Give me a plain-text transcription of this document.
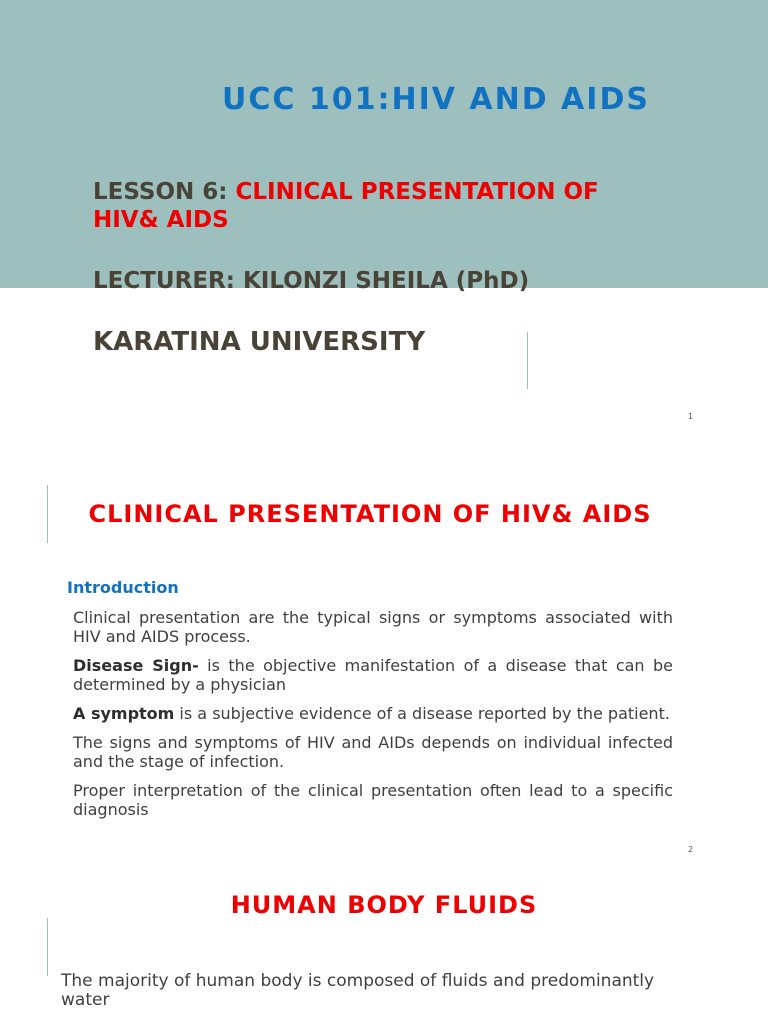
UCC 101:HIV AND AIDS
LESSON 6: CLINICAL PRESENTATION OF HIV& AIDS
LECTURER: KILONZI SHEILA (PhD)
KARATINA UNIVERSITY
1
CLINICAL PRESENTATION OF HIV& AIDS
Introduction

Clinical presentation are the typical signs or symptoms associated with HIV and AIDS process.

Disease Sign- is the objective manifestation of a disease that can be determined by a physician

A symptom is a subjective evidence of a disease reported by the patient.

The signs and symptoms of HIV and AIDs depends on individual infected and the stage of infection.

Proper interpretation of the clinical presentation often lead to a specific diagnosis

2
HUMAN BODY FLUIDS
The majority of human body is composed of fluids and predominantly water
